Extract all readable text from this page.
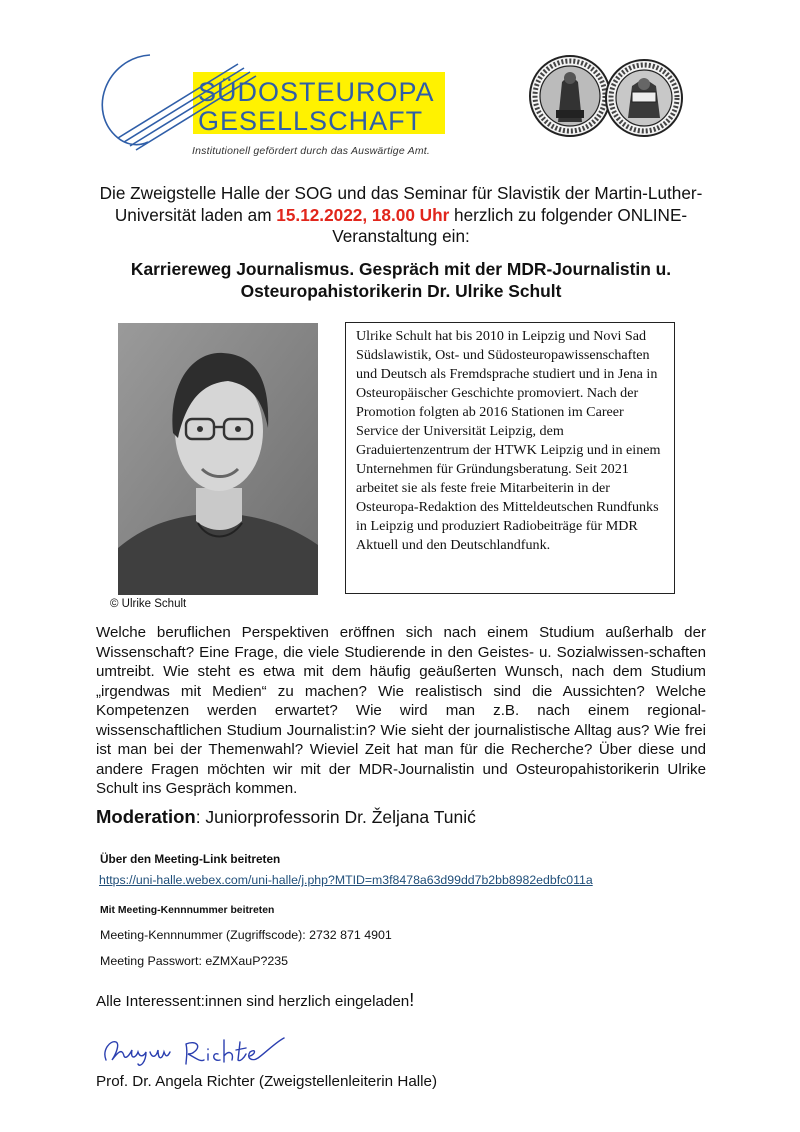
SÜDOSTEUROPA
GESELLSCHAFT
Institutionell gefördert durch das Auswärtige Amt.
Die Zweigstelle Halle der SOG und das Seminar für Slavistik der Martin-Luther-Universität laden am 15.12.2022, 18.00 Uhr herzlich zu folgender ONLINE-Veranstaltung ein:
Karriereweg Journalismus. Gespräch mit der MDR-Journalistin u. Osteuropahistorikerin Dr. Ulrike Schult
© Ulrike Schult
Ulrike Schult hat bis 2010 in Leipzig und Novi Sad Südslawistik, Ost- und Südosteuropawissenschaften und Deutsch als Fremdsprache studiert und in Jena in Osteuropäischer Geschichte promoviert. Nach der Promotion folgten ab 2016 Stationen im Career Service der Universität Leipzig, dem Graduiertenzentrum der HTWK Leipzig und in einem Unternehmen für Gründungsberatung. Seit 2021 arbeitet sie als feste freie Mitarbeiterin in der Osteuropa-Redaktion des Mitteldeutschen Rundfunks in Leipzig und produziert Radiobeiträge für MDR Aktuell und den Deutschlandfunk.
Welche beruflichen Perspektiven eröffnen sich nach einem Studium außerhalb der Wissenschaft? Eine Frage, die viele Studierende in den Geistes- u. Sozialwissen-schaften umtreibt. Wie steht es etwa mit dem häufig geäußerten Wunsch, nach dem Studium „irgendwas mit Medien“ zu machen? Wie realistisch sind die Aussichten? Welche Kompetenzen werden erwartet? Wie wird man z.B. nach einem regional-wissenschaftlichen Studium Journalist:in? Wie sieht der journalistische Alltag aus? Wie frei ist man bei der Themenwahl? Wieviel Zeit hat man für die Recherche? Über diese und andere Fragen möchten wir mit der MDR-Journalistin und Osteuropahistorikerin Ulrike Schult ins Gespräch kommen.
Moderation: Juniorprofessorin Dr. Željana Tunić
Über den Meeting-Link beitreten
https://uni-halle.webex.com/uni-halle/j.php?MTID=m3f8478a63d99dd7b2bb8982edbfc011a
Mit Meeting-Kennnummer beitreten
Meeting-Kennnummer (Zugriffscode): 2732 871 4901
Meeting Passwort: eZMXauP?235
Alle Interessent:innen sind herzlich eingeladen!
Prof. Dr. Angela Richter (Zweigstellenleiterin Halle)
